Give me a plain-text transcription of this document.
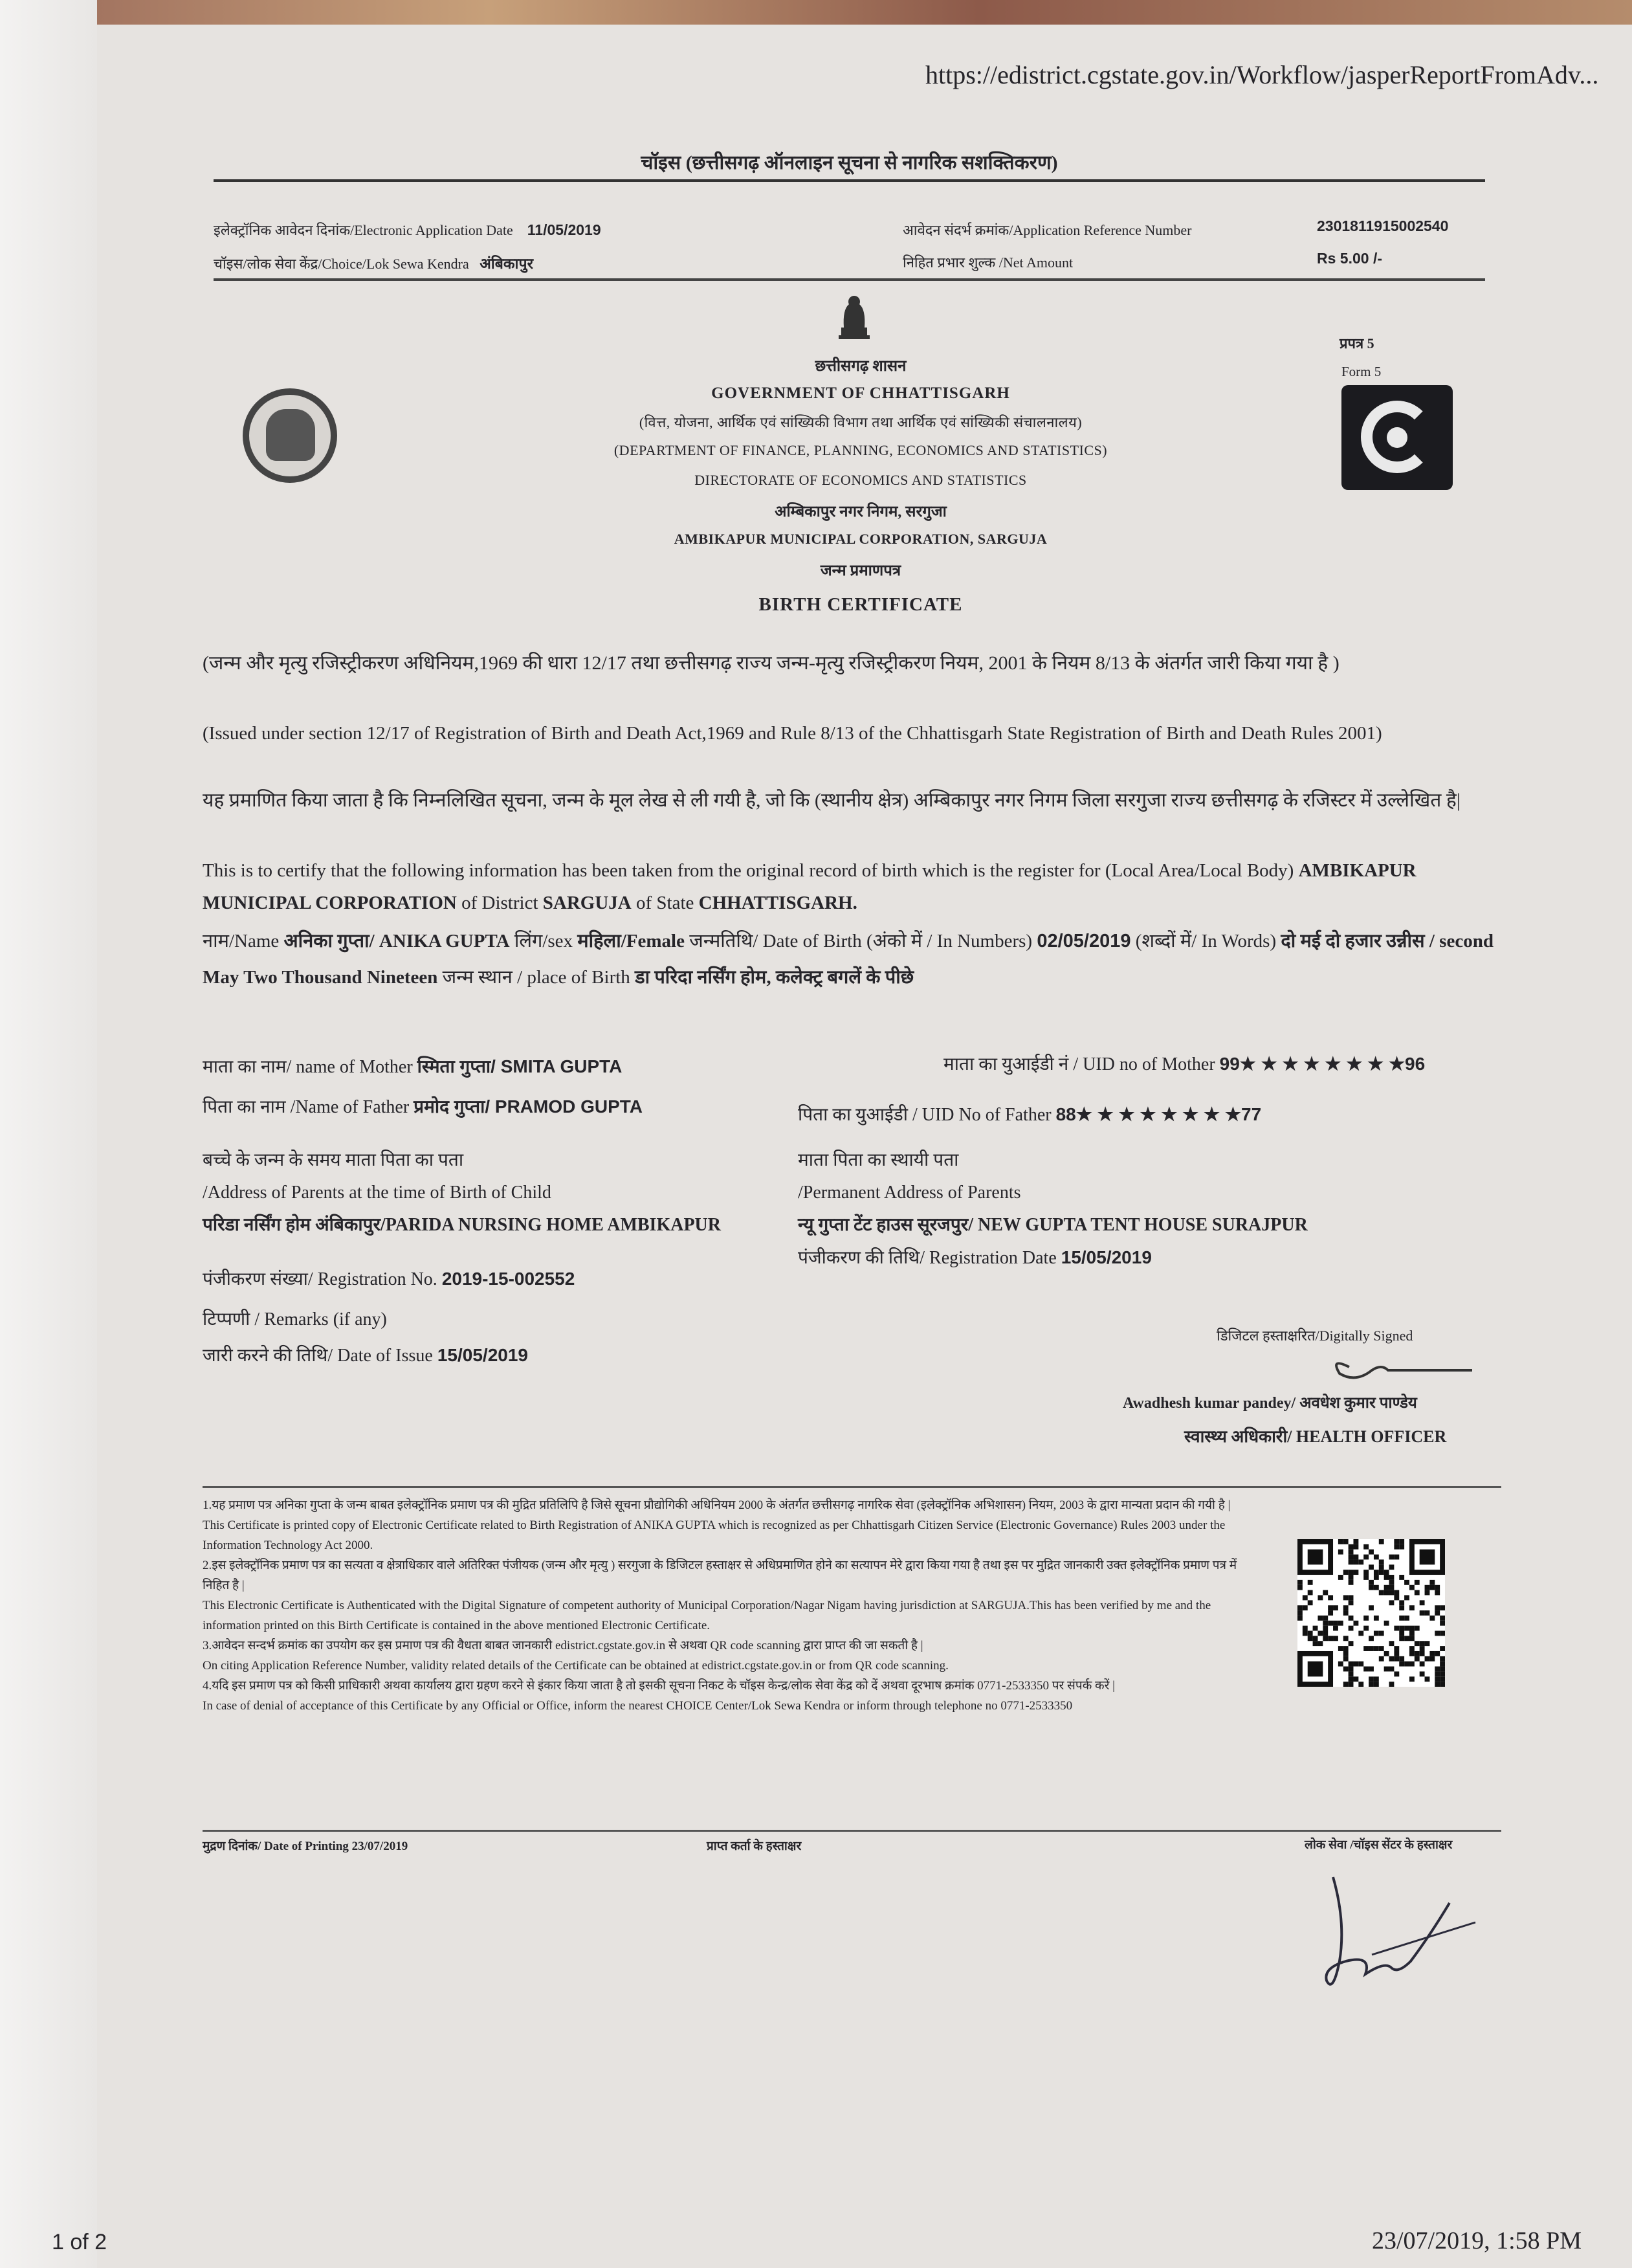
https://edistrict.cgstate.gov.in/Workflow/jasperReportFromAdv...
चॉइस (छत्तीसगढ़ ऑनलाइन सूचना से नागरिक सशक्तिकरण)
इलेक्ट्रॉनिक आवेदन दिनांक/Electronic Application Date 11/05/2019
चॉइस/लोक सेवा केंद्र/Choice/Lok Sewa Kendra अंबिकापुर
आवेदन संदर्भ क्रमांक/Application Reference Number	2301811915002540
निहित प्रभार शुल्क /Net Amount	Rs 5.00 /-
प्रपत्र 5
Form 5
छत्तीसगढ़ शासन
GOVERNMENT OF CHHATTISGARH
(वित्त, योजना, आर्थिक एवं सांख्यिकी विभाग तथा आर्थिक एवं सांख्यिकी संचालनालय)
(DEPARTMENT OF FINANCE, PLANNING, ECONOMICS AND STATISTICS)
DIRECTORATE OF ECONOMICS AND STATISTICS
अम्बिकापुर नगर निगम, सरगुजा
AMBIKAPUR MUNICIPAL CORPORATION, SARGUJA
जन्म प्रमाणपत्र
BIRTH CERTIFICATE
(जन्म और मृत्यु रजिस्ट्रीकरण अधिनियम,1969 की धारा 12/17 तथा छत्तीसगढ़ राज्य जन्म-मृत्यु रजिस्ट्रीकरण नियम, 2001 के नियम 8/13 के अंतर्गत जारी किया गया है )
(Issued under section 12/17 of Registration of Birth and Death Act,1969 and Rule 8/13 of the Chhattisgarh State Registration of Birth and Death Rules 2001)
यह प्रमाणित किया जाता है कि निम्नलिखित सूचना, जन्म के मूल लेख से ली गयी है, जो कि (स्थानीय क्षेत्र) अम्बिकापुर नगर निगम जिला सरगुजा राज्य छत्तीसगढ़ के रजिस्टर में उल्लेखित है|
This is to certify that the following information has been taken from the original record of birth which is the register for (Local Area/Local Body) AMBIKAPUR MUNICIPAL CORPORATION of District SARGUJA of State CHHATTISGARH.
नाम/Name अनिका गुप्ता/ ANIKA GUPTA लिंग/sex महिला/Female जन्मतिथि/ Date of Birth (अंको में / In Numbers) 02/05/2019 (शब्दों में/ In Words) दो मई दो हजार उन्नीस / second May Two Thousand Nineteen जन्म स्थान / place of Birth डा परिदा नर्सिंग होम, कलेक्ट्र बगलें के पीछे
माता का नाम/ name of Mother स्मिता गुप्ता/ SMITA GUPTA	माता का युआईडी नं / UID no of Mother 99★ ★ ★ ★ ★ ★ ★ ★96
पिता का नाम /Name of Father प्रमोद गुप्ता/ PRAMOD GUPTA	पिता का युआईडी / UID No of Father 88★ ★ ★ ★ ★ ★ ★ ★77
बच्चे के जन्म के समय माता पिता का पता
/Address of Parents at the time of Birth of Child
परिडा नर्सिंग होम अंबिकापुर/PARIDA NURSING HOME AMBIKAPUR
माता पिता का स्थायी पता
/Permanent Address of Parents
न्यू गुप्ता टेंट हाउस सूरजपुर/ NEW GUPTA TENT HOUSE SURAJPUR
पंजीकरण की तिथि/ Registration Date 15/05/2019
पंजीकरण संख्या/ Registration No. 2019-15-002552
टिप्पणी / Remarks (if any)
जारी करने की तिथि/ Date of Issue 15/05/2019
डिजिटल हस्ताक्षरित/Digitally Signed
Awadhesh kumar pandey/ अवधेश कुमार पाण्डेय
स्वास्थ्य अधिकारी/ HEALTH OFFICER
1.यह प्रमाण पत्र अनिका गुप्ता के जन्म बाबत इलेक्ट्रॉनिक प्रमाण पत्र की मुद्रित प्रतिलिपि है जिसे सूचना प्रौद्योगिकी अधिनियम 2000 के अंतर्गत छत्तीसगढ़ नागरिक सेवा (इलेक्ट्रॉनिक अभिशासन) नियम, 2003 के द्वारा मान्यता प्रदान की गयी है |
This Certificate is printed copy of Electronic Certificate related to Birth Registration of ANIKA GUPTA which is recognized as per Chhattisgarh Citizen Service (Electronic Governance) Rules 2003 under the Information Technology Act 2000.
2.इस इलेक्ट्रॉनिक प्रमाण पत्र का सत्यता व क्षेत्राधिकार वाले अतिरिक्त पंजीयक (जन्म और मृत्यु ) सरगुजा के डिजिटल हस्ताक्षर से अधिप्रमाणित होने का सत्यापन मेरे द्वारा किया गया है तथा इस पर मुद्रित जानकारी उक्त इलेक्ट्रॉनिक प्रमाण पत्र में निहित है |
This Electronic Certificate is Authenticated with the Digital Signature of competent authority of Municipal Corporation/Nagar Nigam having jurisdiction at SARGUJA.This has been verified by me and the information printed on this Birth Certificate is contained in the above mentioned Electronic Certificate.
3.आवेदन सन्दर्भ क्रमांक का उपयोग कर इस प्रमाण पत्र की वैधता बाबत जानकारी edistrict.cgstate.gov.in से अथवा QR code scanning द्वारा प्राप्त की जा सकती है |
On citing Application Reference Number, validity related details of the Certificate can be obtained at edistrict.cgstate.gov.in or from QR code scanning.
4.यदि इस प्रमाण पत्र को किसी प्राधिकारी अथवा कार्यालय द्वारा ग्रहण करने से इंकार किया जाता है तो इसकी सूचना निकट के चॉइस केन्द्र/लोक सेवा केंद्र को दें अथवा दूरभाष क्रमांक 0771-2533350 पर संपर्क करें |
In case of denial of acceptance of this Certificate by any Official or Office, inform the nearest CHOICE Center/Lok Sewa Kendra or inform through telephone no 0771-2533350
मुद्रण दिनांक/ Date of Printing 23/07/2019	प्राप्त कर्ता के हस्ताक्षर	लोक सेवा /चॉइस सेंटर के हस्ताक्षर
1 of 2	23/07/2019, 1:58 PM
